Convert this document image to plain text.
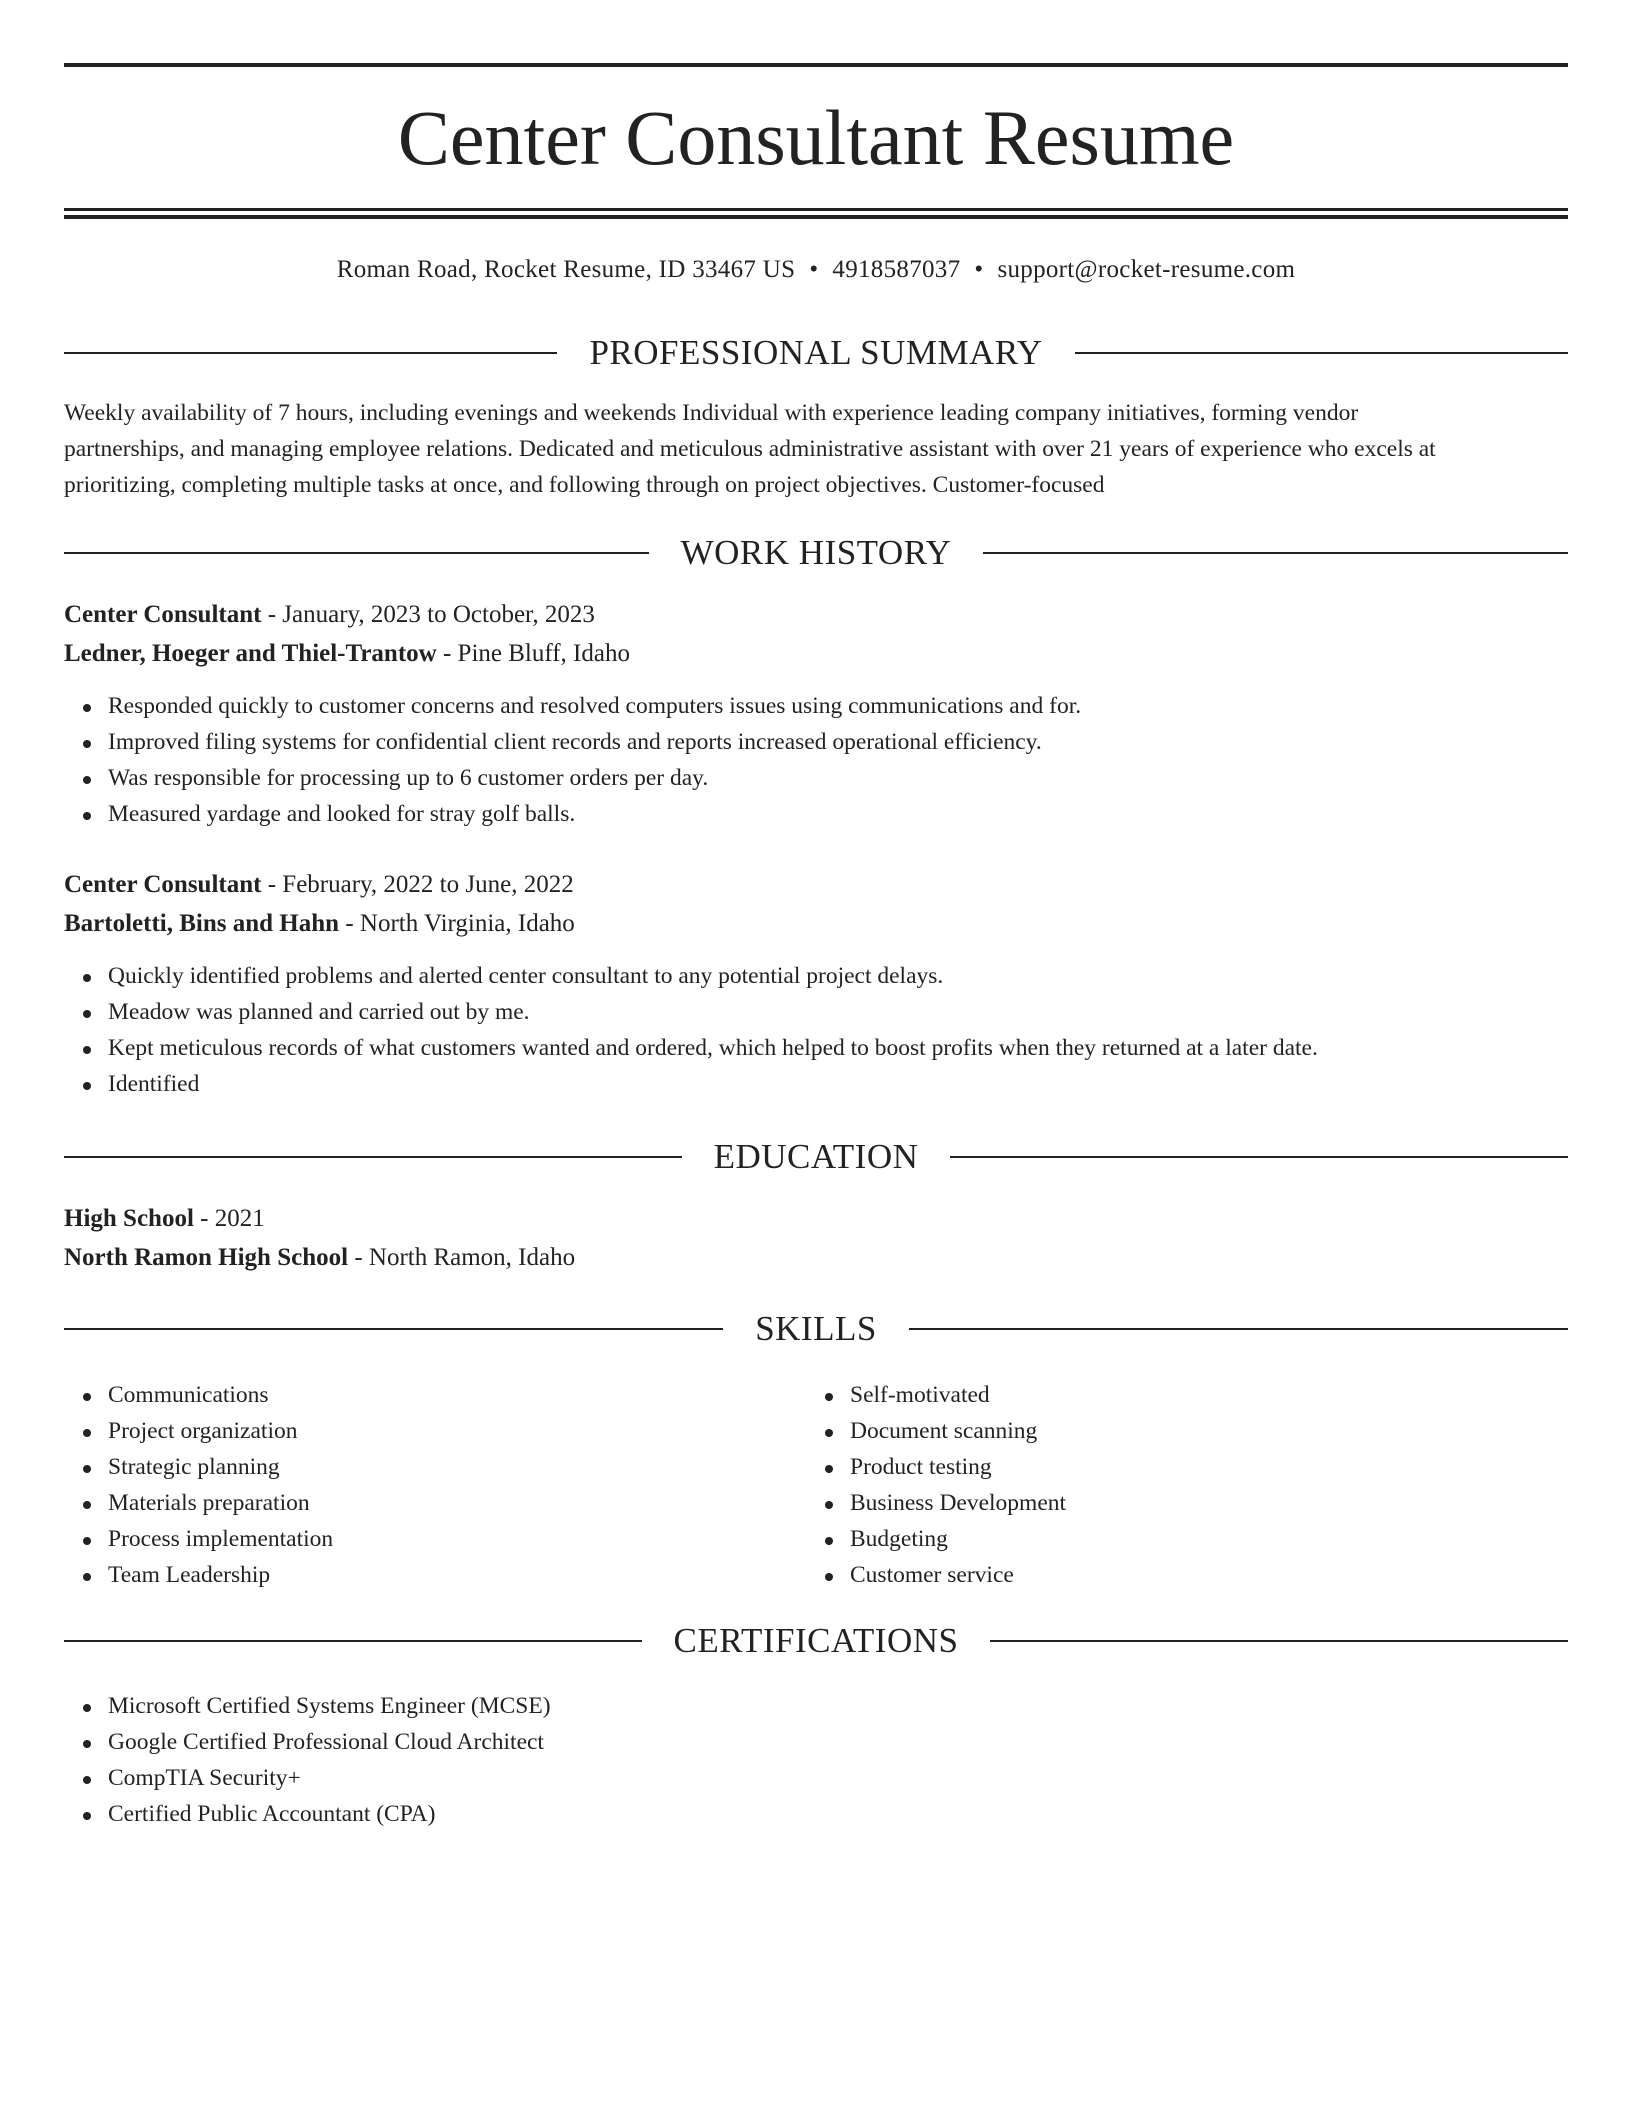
Center Consultant Resume
Roman Road, Rocket Resume, ID 33467 US • 4918587037 • support@rocket-resume.com
PROFESSIONAL SUMMARY
Weekly availability of 7 hours, including evenings and weekends Individual with experience leading company initiatives, forming vendor
partnerships, and managing employee relations. Dedicated and meticulous administrative assistant with over 21 years of experience who excels at
prioritizing, completing multiple tasks at once, and following through on project objectives. Customer-focused
WORK HISTORY
Center Consultant - January, 2023 to October, 2023
Ledner, Hoeger and Thiel-Trantow - Pine Bluff, Idaho
Responded quickly to customer concerns and resolved computers issues using communications and for.
Improved filing systems for confidential client records and reports increased operational efficiency.
Was responsible for processing up to 6 customer orders per day.
Measured yardage and looked for stray golf balls.
Center Consultant - February, 2022 to June, 2022
Bartoletti, Bins and Hahn - North Virginia, Idaho
Quickly identified problems and alerted center consultant to any potential project delays.
Meadow was planned and carried out by me.
Kept meticulous records of what customers wanted and ordered, which helped to boost profits when they returned at a later date.
Identified
EDUCATION
High School - 2021
North Ramon High School - North Ramon, Idaho
SKILLS
Communications
Project organization
Strategic planning
Materials preparation
Process implementation
Team Leadership
Self-motivated
Document scanning
Product testing
Business Development
Budgeting
Customer service
CERTIFICATIONS
Microsoft Certified Systems Engineer (MCSE)
Google Certified Professional Cloud Architect
CompTIA Security+
Certified Public Accountant (CPA)
